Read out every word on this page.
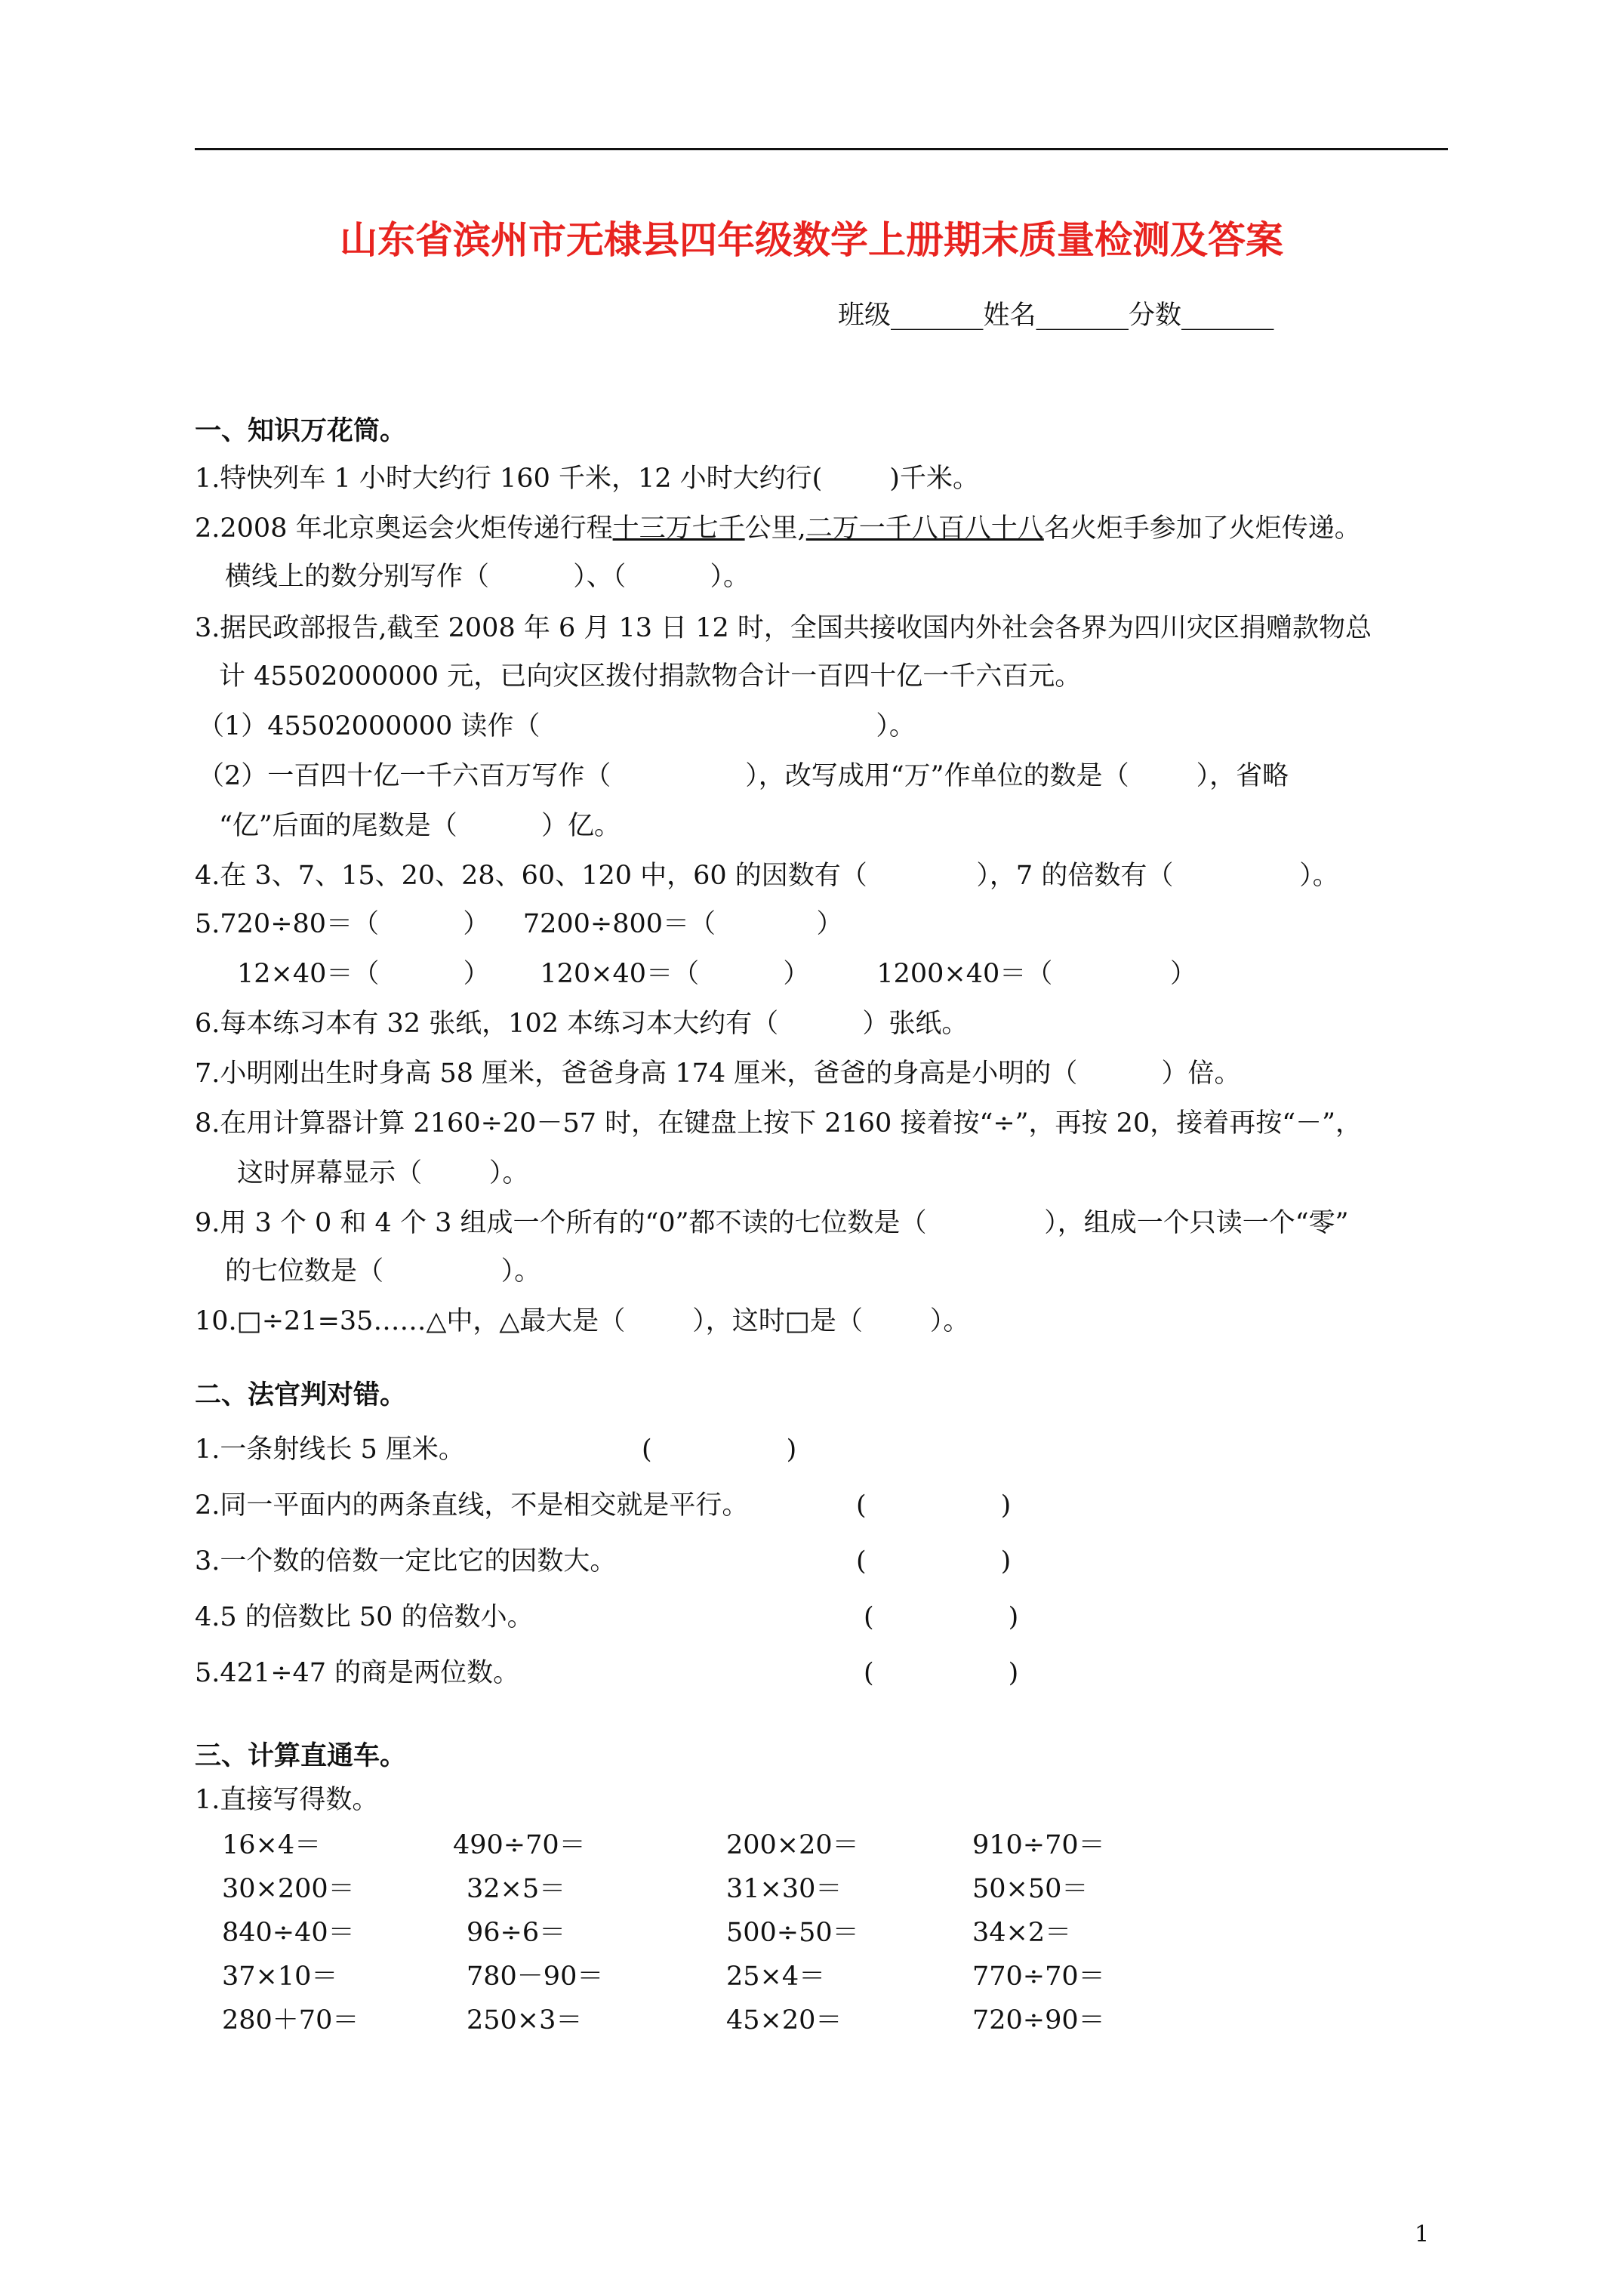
山东省滨州市无棣县四年级数学上册期末质量检测及答案
班级_______姓名_______分数_______
一、知识万花筒。
1.特快列车 1 小时大约行 160 千米，12 小时大约行(        )千米。
2.2008 年北京奥运会火炬传递行程十三万七千公里,二万一千八百八十八名火炬手参加了火炬传递。
横线上的数分别写作（          ）、（          ）。
3.据民政部报告,截至 2008 年 6 月 13 日 12 时，全国共接收国内外社会各界为四川灾区捐赠款物总
计 45502000000 元，已向灾区拨付捐款物合计一百四十亿一千六百元。
（1）45502000000 读作（                                        ）。
（2）一百四十亿一千六百万写作（                ），改写成用“万”作单位的数是（        ），省略
“亿”后面的尾数是（          ）亿。
4.在 3、7、15、20、28、60、120 中，60 的因数有（             ），7 的倍数有（               ）。
5.720÷80＝（          ）    7200÷800＝（            ）
12×40＝（          ）      120×40＝（          ）        1200×40＝（              ）
6.每本练习本有 32 张纸，102 本练习本大约有（          ）张纸。
7.小明刚出生时身高 58 厘米，爸爸身高 174 厘米，爸爸的身高是小明的（          ）倍。
8.在用计算器计算 2160÷20－57 时，在键盘上按下 2160 接着按“÷”，再按 20，接着再按“－”，
这时屏幕显示（        ）。
9.用 3 个 0 和 4 个 3 组成一个所有的“0”都不读的七位数是（              ），组成一个只读一个“零”
的七位数是（              ）。
10.□÷21=35……△中，△最大是（        ），这时□是（        ）。
二、法官判对错。
1.一条射线长 5 厘米。	(                )
2.同一平面内的两条直线，不是相交就是平行。	(                )
3.一个数的倍数一定比它的因数大。	(                )
4.5 的倍数比 50 的倍数小。	(                )
5.421÷47 的商是两位数。	(                )
三、计算直通车。
1.直接写得数。
16×4＝	490÷70＝	200×20＝	910÷70＝
30×200＝	32×5＝	31×30＝	50×50＝
840÷40＝	96÷6＝	500÷50＝	34×2＝
37×10＝	780－90＝	25×4＝	770÷70＝
280＋70＝	250×3＝	45×20＝	720÷90＝
1
